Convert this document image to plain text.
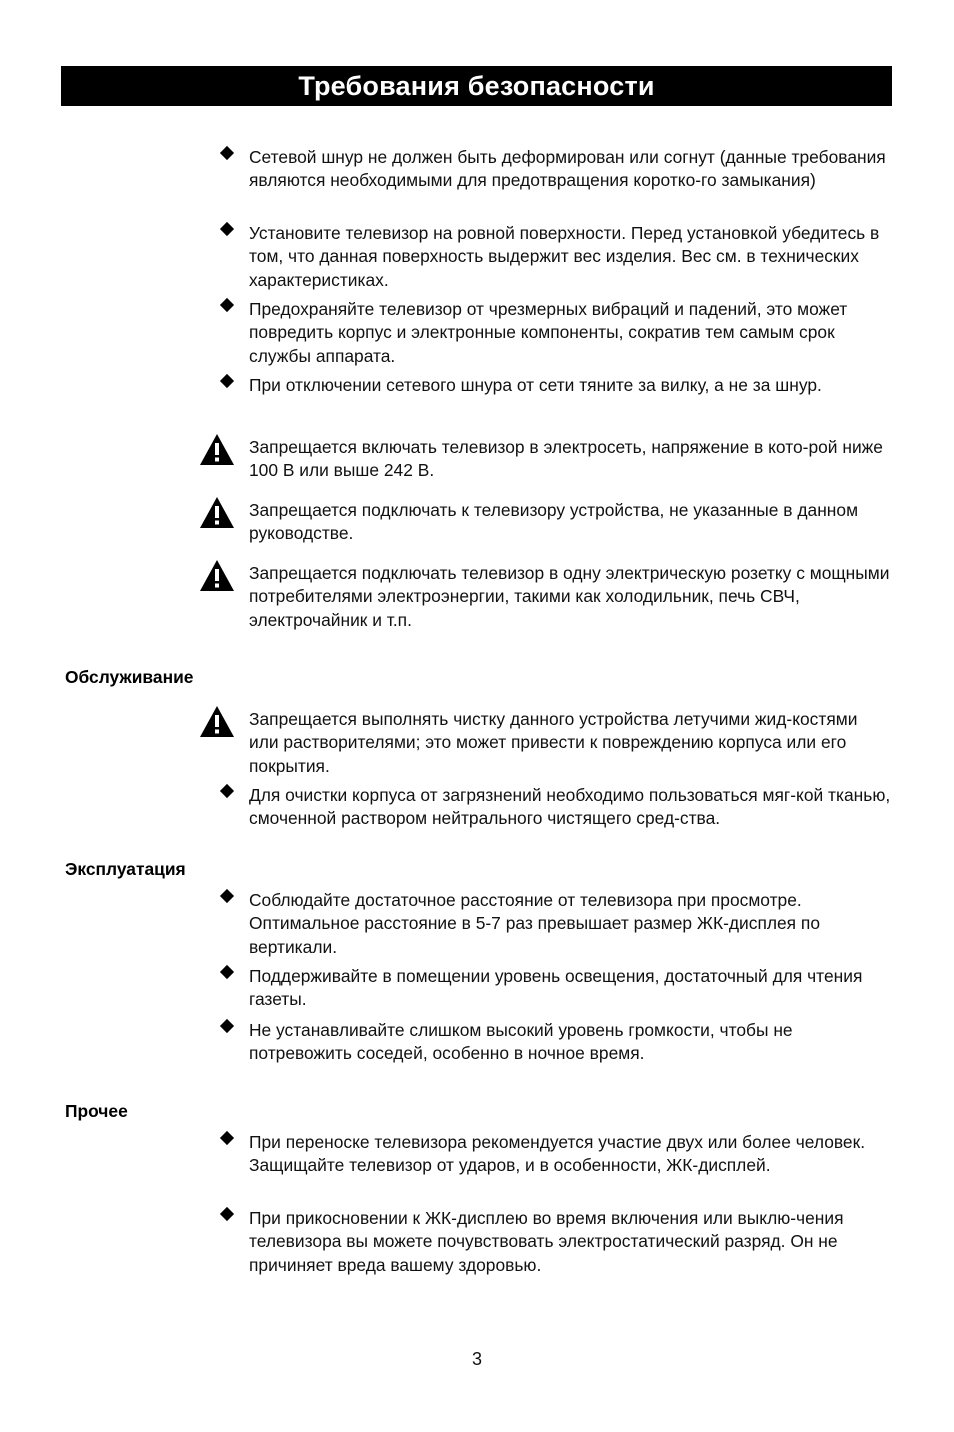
Требования безопасности
Сетевой шнур не должен быть деформирован или согнут (данные требования являются необходимыми для предотвращения коротко-го замыкания)
Установите телевизор на ровной поверхности. Перед установкой убедитесь в том, что данная поверхность выдержит вес изделия. Вес см. в технических характеристиках.
Предохраняйте телевизор от чрезмерных вибраций и падений, это может повредить корпус и электронные компоненты, сократив тем самым срок службы аппарата.
При отключении сетевого шнура от сети тяните за вилку, а не за шнур.
Запрещается включать телевизор в электросеть, напряжение в кото-рой ниже 100 В или выше 242 В.
Запрещается подключать к телевизору устройства, не указанные в данном руководстве.
Запрещается подключать телевизор в одну электрическую розетку с мощными потребителями электроэнергии, такими как холодильник, печь СВЧ, электрочайник и т.п.
Обслуживание
Запрещается выполнять чистку данного устройства летучими жид-костями или растворителями; это может привести к повреждению корпуса или его покрытия.
Для очистки корпуса от загрязнений необходимо пользоваться мяг-кой тканью, смоченной раствором нейтрального чистящего сред-ства.
Эксплуатация
Соблюдайте достаточное расстояние от телевизора при просмотре. Оптимальное расстояние в 5-7 раз превышает размер ЖК-дисплея по вертикали.
Поддерживайте в помещении уровень освещения, достаточный для чтения газеты.
Не устанавливайте слишком высокий уровень громкости, чтобы не потревожить соседей, особенно в ночное время.
Прочее
При переноске телевизора рекомендуется участие двух или более человек. Защищайте телевизор от ударов, и в особенности, ЖК-дисплей.
При прикосновении к ЖК-дисплею во время включения или выклю-чения телевизора вы можете почувствовать электростатический разряд. Он не причиняет вреда вашему здоровью.
3
